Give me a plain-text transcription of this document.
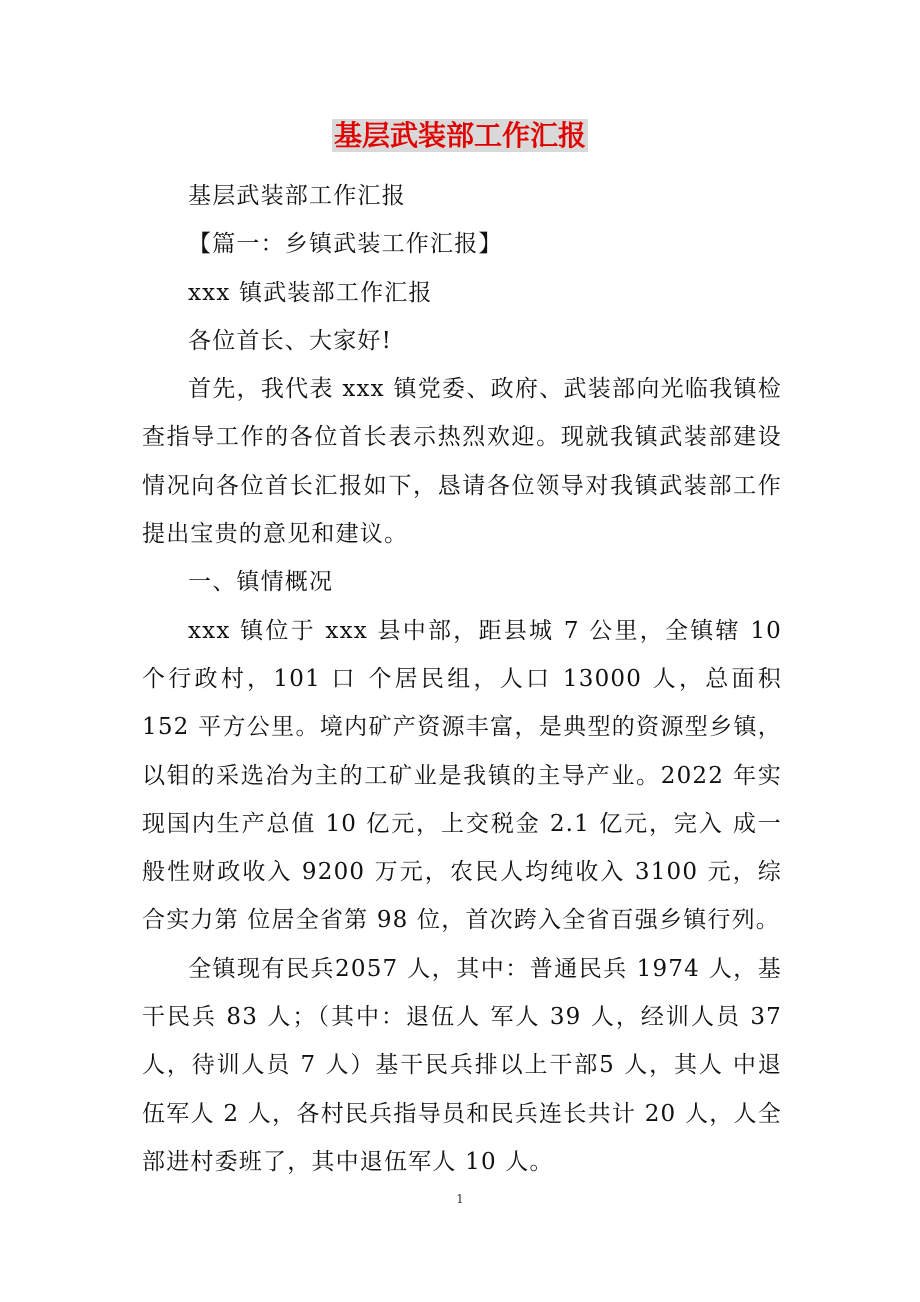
基层武装部工作汇报

基层武装部工作汇报

【篇一：乡镇武装工作汇报】

xxx 镇武装部工作汇报

各位首长、大家好!

首先，我代表 xxx 镇党委、政府、武装部向光临我镇检查指导工作的各位首长表示热烈欢迎。现就我镇武装部建设情况向各位首长汇报如下，恳请各位领导对我镇武装部工作提出宝贵的意见和建议。

一、镇情概况

xxx 镇位于 xxx 县中部，距县城 7 公里，全镇辖 10 个行政村，101 口 个居民组，人口 13000 人，总面积 152 平方公里。境内矿产资源丰富，是典型的资源型乡镇，以钼的采选冶为主的工矿业是我镇的主导产业。2022 年实现国内生产总值 10 亿元，上交税金 2.1 亿元，完入 成一般性财政收入 9200 万元，农民人均纯收入 3100 元，综合实力第 位居全省第 98 位，首次跨入全省百强乡镇行列。

全镇现有民兵2057 人，其中：普通民兵 1974 人，基干民兵 83 人；（其中：退伍人 军人 39 人，经训人员 37 人，待训人员 7 人）基干民兵排以上干部5 人，其人 中退伍军人 2 人，各村民兵指导员和民兵连长共计 20 人，人全部进村委班了，其中退伍军人 10 人。

1
